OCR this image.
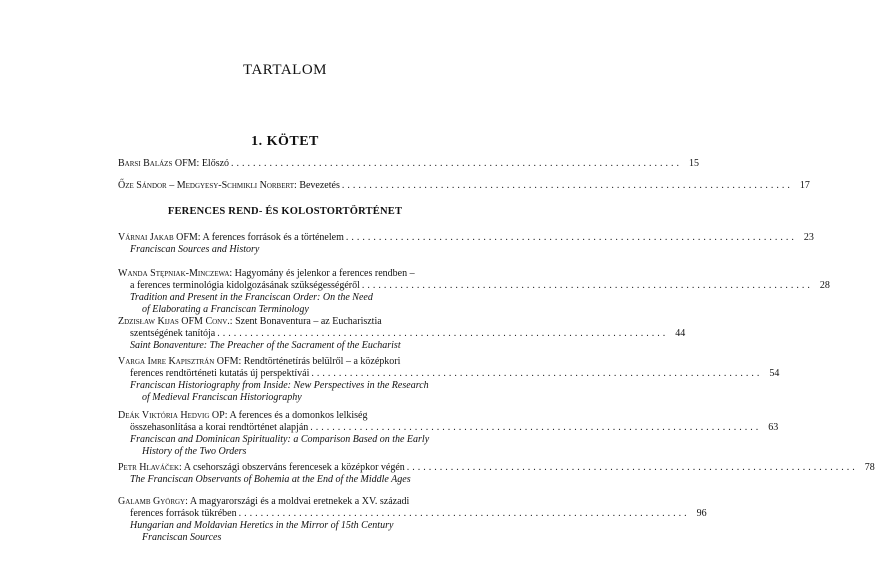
TARTALOM
1. KÖTET
FERENCES REND- ÉS KOLOSTORTÖRTÉNET
Barsi Balázs OFM: Előszó .................................................................................. 15
Őze Sándor – Medgyesy-Schmikli Norbert: Bevezetés .................................................................................. 17
Várnai Jakab OFM: A ferences források és a történelem .................................................................................. 23
Franciscan Sources and History
Wanda Stępniak-Minczewa: Hagyomány és jelenkor a ferences rendben –
a ferences terminológia kidolgozásának szükségességéről .................................................................................. 28
Tradition and Present in the Franciscan Order: On the Need
of Elaborating a Franciscan Terminology
Zdzisław Kijas OFM Conv.: Szent Bonaventura – az Eucharisztia
szentségének tanítója .................................................................................. 44
Saint Bonaventure: The Preacher of the Sacrament of the Eucharist
Varga Imre Kapisztrán OFM: Rendtörténetírás belülről – a középkori
ferences rendtörténeti kutatás új perspektívái .................................................................................. 54
Franciscan Historiography from Inside: New Perspectives in the Research
of Medieval Franciscan Historiography
Deák Viktória Hedvig OP: A ferences és a domonkos lelkiség
összehasonlítása a korai rendtörténet alapján .................................................................................. 63
Franciscan and Dominican Spirituality: a Comparison Based on the Early
History of the Two Orders
Petr Hlaváček: A csehországi obszerváns ferencesek a középkor végén .................................................................................. 78
The Franciscan Observants of Bohemia at the End of the Middle Ages
Galamb György: A magyarországi és a moldvai eretnekek a XV. századi
ferences források tükrében .................................................................................. 96
Hungarian and Moldavian Heretics in the Mirror of 15th Century
Franciscan Sources
